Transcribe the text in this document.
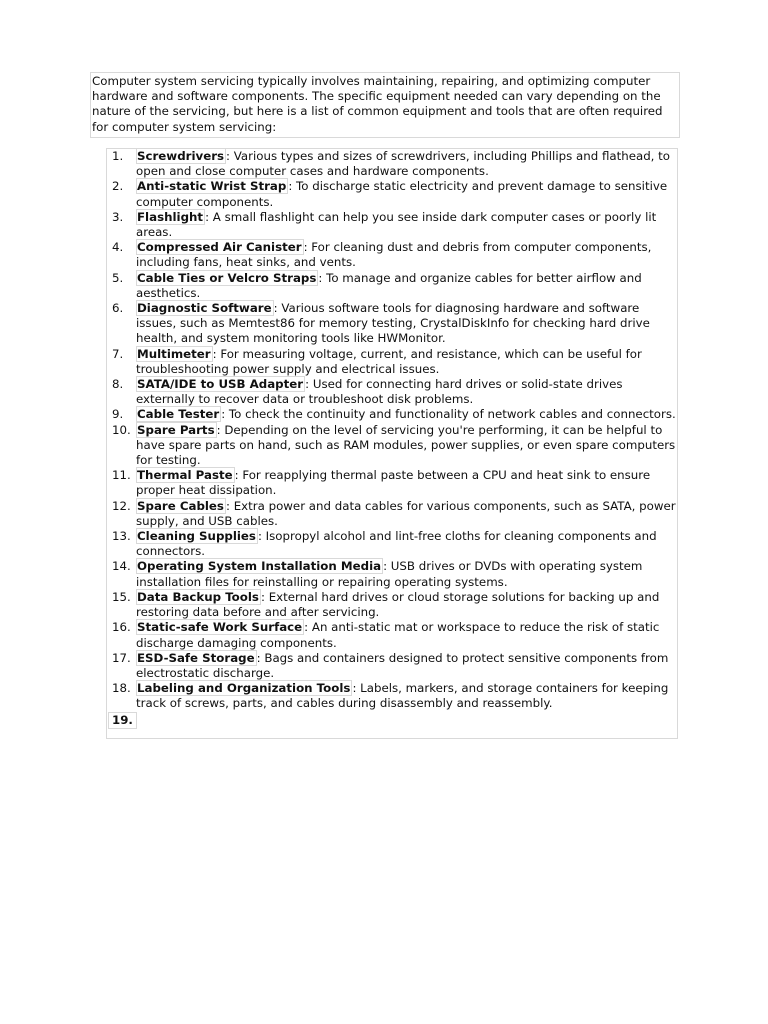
Computer system servicing typically involves maintaining, repairing, and optimizing computer hardware and software components. The specific equipment needed can vary depending on the nature of the servicing, but here is a list of common equipment and tools that are often required for computer system servicing:
1.	Screwdrivers : Various types and sizes of screwdrivers, including Phillips and flathead, to open and close computer cases and hardware components.
2.	Anti-static Wrist Strap : To discharge static electricity and prevent damage to sensitive computer components.
3.	Flashlight : A small flashlight can help you see inside dark computer cases or poorly lit areas.
4.	Compressed Air Canister : For cleaning dust and debris from computer components, including fans, heat sinks, and vents.
5.	Cable Ties or Velcro Straps : To manage and organize cables for better airflow and aesthetics.
6.	Diagnostic Software : Various software tools for diagnosing hardware and software issues, such as Memtest86 for memory testing, CrystalDiskInfo for checking hard drive health, and system monitoring tools like HWMonitor.
7.	Multimeter : For measuring voltage, current, and resistance, which can be useful for troubleshooting power supply and electrical issues.
8.	SATA/IDE to USB Adapter : Used for connecting hard drives or solid-state drives externally to recover data or troubleshoot disk problems.
9.	Cable Tester : To check the continuity and functionality of network cables and connectors.
10. Spare Parts : Depending on the level of servicing you're performing, it can be helpful to have spare parts on hand, such as RAM modules, power supplies, or even spare computers for testing.
11. Thermal Paste : For reapplying thermal paste between a CPU and heat sink to ensure proper heat dissipation.
12. Spare Cables : Extra power and data cables for various components, such as SATA, power supply, and USB cables.
13. Cleaning Supplies : Isopropyl alcohol and lint-free cloths for cleaning components and connectors.
14. Operating System Installation Media : USB drives or DVDs with operating system installation files for reinstalling or repairing operating systems.
15. Data Backup Tools : External hard drives or cloud storage solutions for backing up and restoring data before and after servicing.
16. Static-safe Work Surface : An anti-static mat or workspace to reduce the risk of static discharge damaging components.
17. ESD-Safe Storage : Bags and containers designed to protect sensitive components from electrostatic discharge.
18. Labeling and Organization Tools : Labels, markers, and storage containers for keeping track of screws, parts, and cables during disassembly and reassembly.
19.
